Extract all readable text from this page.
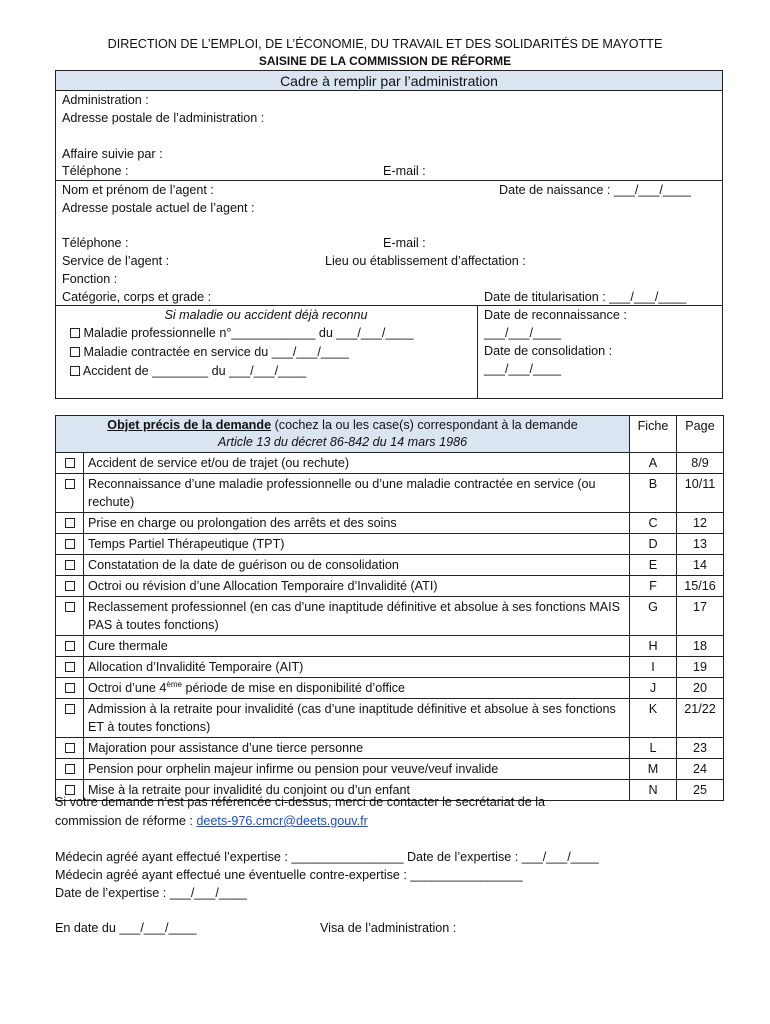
DIRECTION DE L’EMPLOI, DE L’ÉCONOMIE, DU TRAVAIL ET DES SOLIDARITÉS DE MAYOTTE
SAISINE DE LA COMMISSION DE RÉFORME
Cadre à remplir par l’administration
Administration :
Adresse postale de l’administration :
Affaire suivie par :
Téléphone :	E-mail :
Nom et prénom de l’agent :	Date de naissance : ___/___/____
Adresse postale actuel de l’agent :
Téléphone :	E-mail :
Service de l’agent :	Lieu ou établissement d’affectation :
Fonction :
Catégorie, corps et grade :	Date de titularisation : ___/___/____
Si maladie ou accident déjà reconnu
Maladie professionnelle n°____________ du ___/___/____
Maladie contractée en service du ___/___/____
Accident de ________ du ___/___/____
Date de reconnaissance :
___/___/____
Date de consolidation :
___/___/____
Objet précis de la demande (cochez la ou les case(s) correspondant à la demande
Article 13 du décret 86-842 du 14 mars 1986		Fiche	Page
	Accident de service et/ou de trajet (ou rechute)	A	8/9
	Reconnaissance d’une maladie professionnelle ou d’une maladie contractée en service (ou rechute)	B	10/11
	Prise en charge ou prolongation des arrêts et des soins	C	12
	Temps Partiel Thérapeutique (TPT)	D	13
	Constatation de la date de guérison ou de consolidation	E	14
	Octroi ou révision d’une Allocation Temporaire d’Invalidité (ATI)	F	15/16
	Reclassement professionnel (en cas d’une inaptitude définitive et absolue à ses fonctions MAIS PAS à toutes fonctions)	G	17
	Cure thermale	H	18
	Allocation d’Invalidité Temporaire (AIT)	I	19
	Octroi d’une 4ème période de mise en disponibilité d’office	J	20
	Admission à la retraite pour invalidité (cas d’une inaptitude définitive et absolue à ses fonctions ET à toutes fonctions)	K	21/22
	Majoration pour assistance d’une tierce personne	L	23
	Pension pour orphelin majeur infirme ou pension pour veuve/veuf invalide	M	24
	Mise à la retraite pour invalidité du conjoint ou d’un enfant	N	25
Si votre demande n’est pas référencée ci-dessus, merci de contacter le secrétariat de la
commission de réforme : deets-976.cmcr@deets.gouv.fr
Médecin agréé ayant effectué l’expertise : ________________ Date de l’expertise : ___/___/____
Médecin agréé ayant effectué une éventuelle contre-expertise : ________________
Date de l’expertise : ___/___/____
En date du ___/___/____	Visa de l’administration :
